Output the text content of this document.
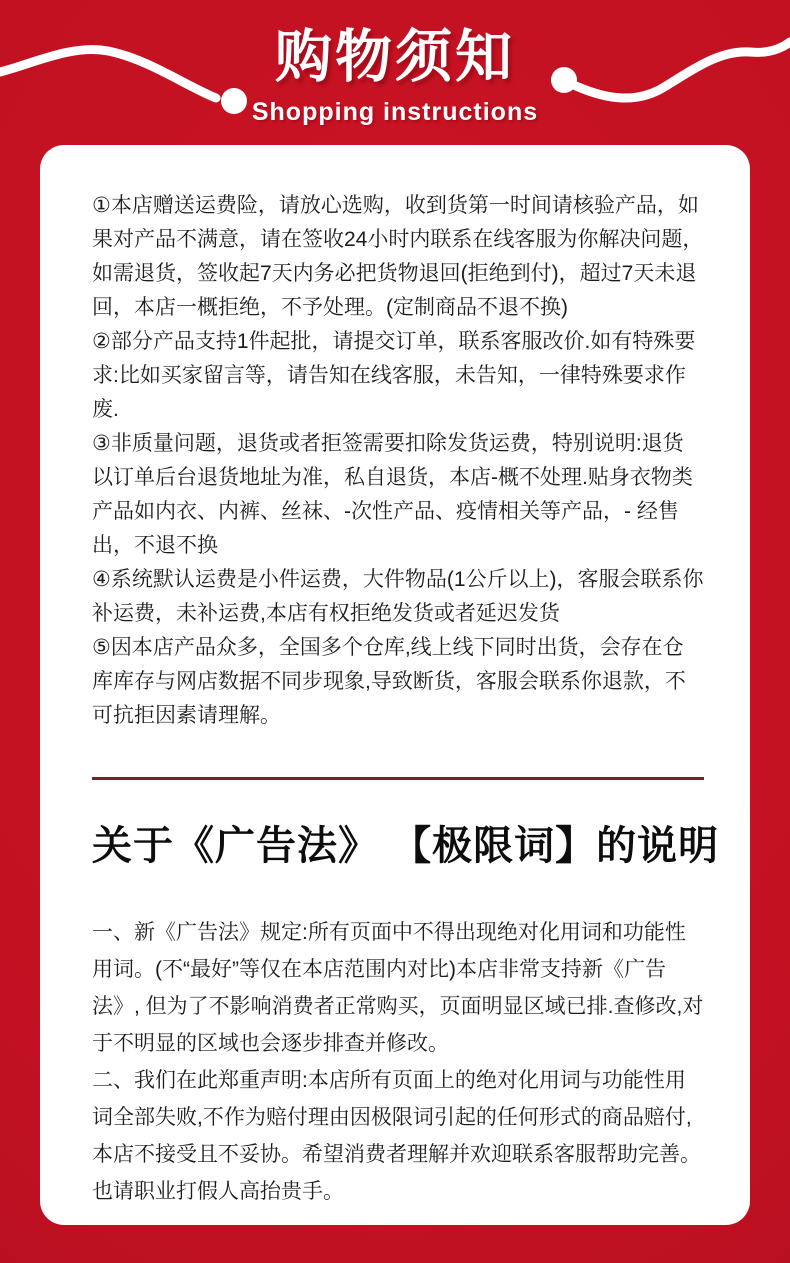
购物须知
Shopping instructions

①本店赠送运费险，请放心选购，收到货第一时间请核验产品，如果对产品不满意，请在签收24小时内联系在线客服为你解决问题，如需退货，签收起7天内务必把货物退回(拒绝到付)，超过7天未退回，本店一概拒绝，不予处理。(定制商品不退不换)

②部分产品支持1件起批，请提交订单，联系客服改价.如有特殊要求:比如买家留言等，请告知在线客服，未告知，一律特殊要求作废.

③非质量问题，退货或者拒签需要扣除发货运费，特别说明:退货以订单后台退货地址为准，私自退货，本店-概不处理.贴身衣物类产品如内衣、内裤、丝袜、-次性产品、疫情相关等产品，- 经售出，不退不换

④系统默认运费是小件运费，大件物品(1公斤以上)，客服会联系你补运费，未补运费,本店有权拒绝发货或者延迟发货

⑤因本店产品众多，全国多个仓库,线上线下同时出货，会存在仓库库存与网店数据不同步现象,导致断货，客服会联系你退款，不可抗拒因素请理解。

关于《广告法》 【极限词】的说明

一、新《广告法》规定:所有页面中不得出现绝对化用词和功能性用词。(不“最好”等仅在本店范围内对比)本店非常支持新《广告法》, 但为了不影响消费者正常购买，页面明显区域已排.查修改,对于不明显的区域也会逐步排查并修改。

二、我们在此郑重声明:本店所有页面上的绝对化用词与功能性用词全部失败,不作为赔付理由因极限词引起的任何形式的商品赔付,本店不接受且不妥协。希望消费者理解并欢迎联系客服帮助完善。也请职业打假人高抬贵手。
